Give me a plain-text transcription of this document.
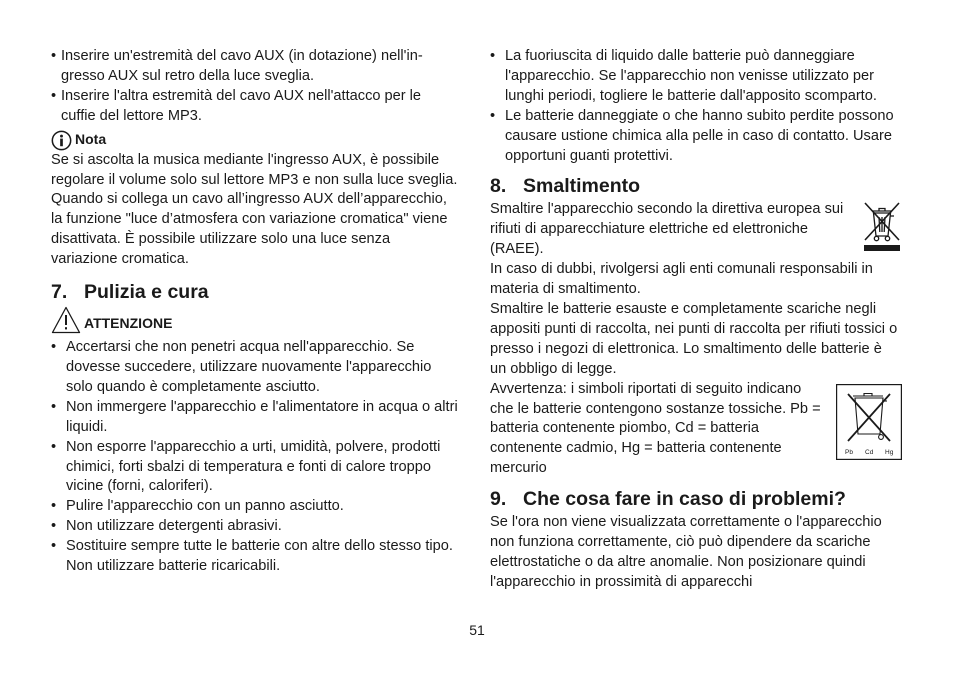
• Inserire un'estremità del cavo AUX (in dotazione) nell'in-gresso AUX sul retro della luce sveglia.
• Inserire l'altra estremità del cavo AUX nell'attacco per le cuffie del lettore MP3.
Nota

Se si ascolta la musica mediante l'ingresso AUX, è possibile regolare il volume solo sul lettore MP3 e non sulla luce sveglia.

Quando si collega un cavo all’ingresso AUX dell’apparecchio, la funzione "luce d’atmosfera con variazione cromatica" viene disattivata. È possibile utilizzare solo una luce senza variazione cromatica.

7. Pulizia e cura
ATTENZIONE
• Accertarsi che non penetri acqua nell'apparecchio. Se dovesse succedere, utilizzare nuovamente l'apparecchio solo quando è completamente asciutto.
• Non immergere l'apparecchio e l'alimentatore in acqua o altri liquidi.
• Non esporre l'apparecchio a urti, umidità, polvere, prodotti chimici, forti sbalzi di temperatura e fonti di calore troppo vicine (forni, caloriferi).
• Pulire l'apparecchio con un panno asciutto.
• Non utilizzare detergenti abrasivi.
• Sostituire sempre tutte le batterie con altre dello stesso tipo. Non utilizzare batterie ricaricabili.
• La fuoriuscita di liquido dalle batterie può danneggiare l'apparecchio. Se l'apparecchio non venisse utilizzato per lunghi periodi, togliere le batterie dall'apposito scomparto.
• Le batterie danneggiate o che hanno subito perdite possono causare ustione chimica alla pelle in caso di contatto. Usare opportuni guanti protettivi.
8. Smaltimento

Smaltire l'apparecchio secondo la direttiva europea sui rifiuti di apparecchiature elettriche ed elettroniche (RAEE).

In caso di dubbi, rivolgersi agli enti comunali responsabili in materia di smaltimento.

Smaltire le batterie esauste e completamente scariche negli appositi punti di raccolta, nei punti di raccolta per rifiuti tossici o presso i negozi di elettronica. Lo smaltimento delle batterie è un obbligo di legge.

Pb Cd Hg

Avvertenza: i simboli riportati di seguito indicano che le batterie contengono sostanze tossiche. Pb = batteria contenente piombo, Cd = batteria contenente cadmio, Hg = batteria contenente mercurio

9. Che cosa fare in caso di problemi?

Se l'ora non viene visualizzata correttamente o l'apparecchio non funziona correttamente, ciò può dipendere da scariche elettrostatiche o da altre anomalie. Non posizionare quindi l'apparecchio in prossimità di apparecchi

51
